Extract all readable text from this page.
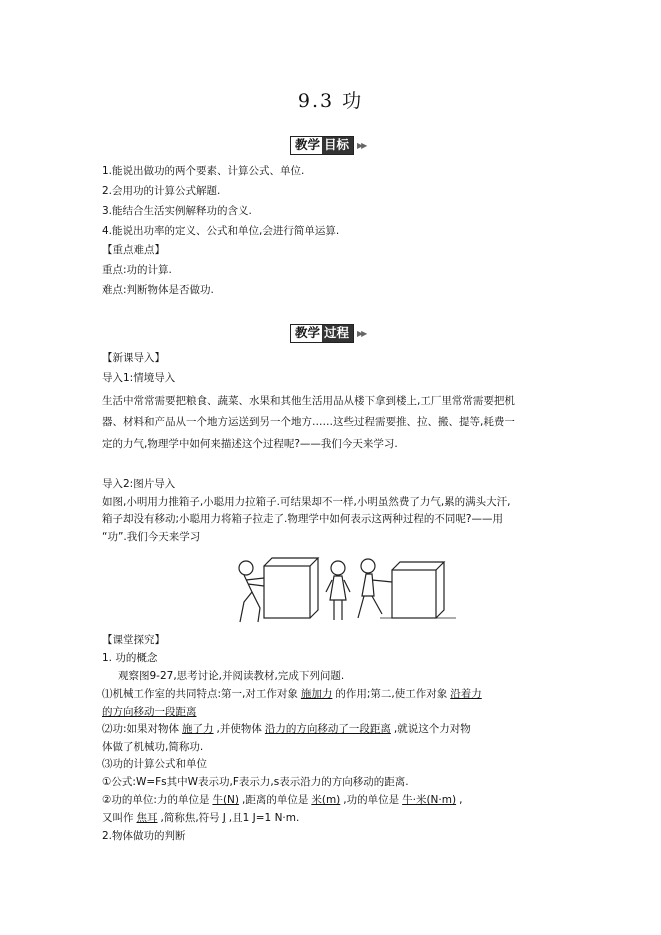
9.3 功
教学 目标	▶▶
1.能说出做功的两个要素、计算公式、单位.
2.会用功的计算公式解题.
3.能结合生活实例解释功的含义.
4.能说出功率的定义、公式和单位,会进行简单运算.
【重点难点】
重点:功的计算.
难点:判断物体是否做功.
教学 过程	▶▶
【新课导入】
导入1:情境导入
生活中常常需要把粮食、蔬菜、水果和其他生活用品从楼下拿到楼上,工厂里常常需要把机
器、材料和产品从一个地方运送到另一个地方……这些过程需要推、拉、搬、提等,耗费一
定的力气,物理学中如何来描述这个过程呢?——我们今天来学习.
导入2:图片导入
如图,小明用力推箱子,小聪用力拉箱子.可结果却不一样,小明虽然费了力气,累的满头大汗,
箱子却没有移动;小聪用力将箱子拉走了.物理学中如何表示这两种过程的不同呢?——用
“功”.我们今天来学习
【课堂探究】
1. 功的概念
观察图9-27,思考讨论,并阅读教材,完成下列问题.
⑴机械工作室的共同特点:第一,对工作对象 施加力 的作用;第二,使工作对象 沿着力
的方向移动一段距离
⑵功:如果对物体 施了力 ,并使物体 沿力的方向移动了一段距离 ,就说这个力对物
体做了机械功,简称功.
⑶功的计算公式和单位
①公式:W=Fs其中W表示功,F表示力,s表示沿力的方向移动的距离.
②功的单位:力的单位是 牛(N) ,距离的单位是 米(m) ,功的单位是 牛·米(N·m) ,
又叫作 焦耳 ,简称焦,符号 J ,且1 J=1 N·m.
2.物体做功的判断
